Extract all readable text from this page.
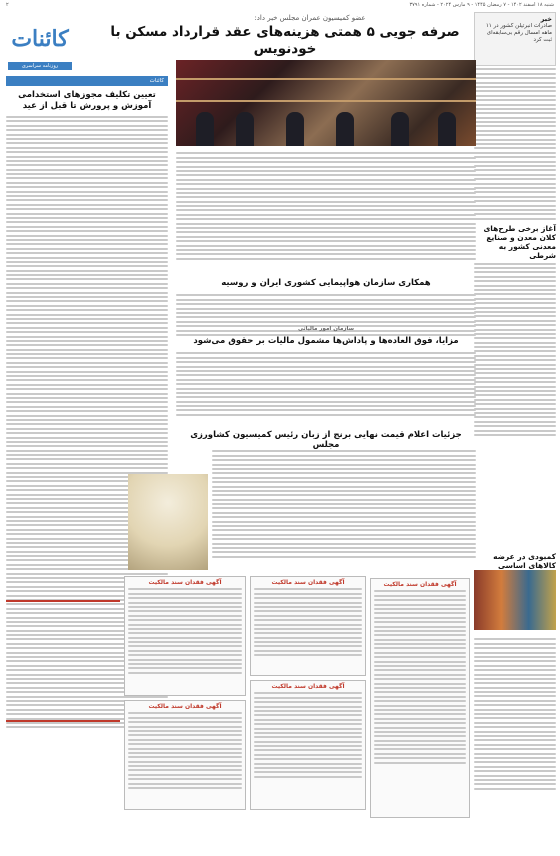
شنبه ۱۸ اسفند ۱۴۰۲ - ۷ رمضان ۱۴۴۵ - ۹ مارس ۲۰۲۴ - شماره ۳۷۹۱
۲
کائنات
روزنامه سراسری
عضو کمیسیون عمران مجلس خبر داد:
صرفه جویی ۵ همتی هزینه‌های عقد قرارداد مسکن با خودنویس
خبر
صادرات انبرتیلن کشور در ۱۱ ماهه امسال رقم بی‌سابقه‌ای ثبت کرد
آغاز برخی طرح‌های کلان معدن و صنایع معدنی کشور به شرطی
کمبودی در عرضه کالاهای اساسی
کائنات
تعیین تکلیف مجوزهای استخدامی آموزش و پرورش تا قبل از عید
همکاری سازمان هواپیمایی کشوری ایران و روسیه
سازمان امور مالیاتی
مزایا، فوق العاده‌ها و پاداش‌ها مشمول مالیات بر حقوق می‌شود
جزئیات اعلام قیمت نهایی برنج از زبان رئیس کمیسیون کشاورزی مجلس
آگهی فقدان سند مالکیت	آگهی فقدان سند مالکیت	آگهی فقدان سند مالکیت
آگهی فقدان سند مالکیت
آگهی فقدان سند مالکیت
